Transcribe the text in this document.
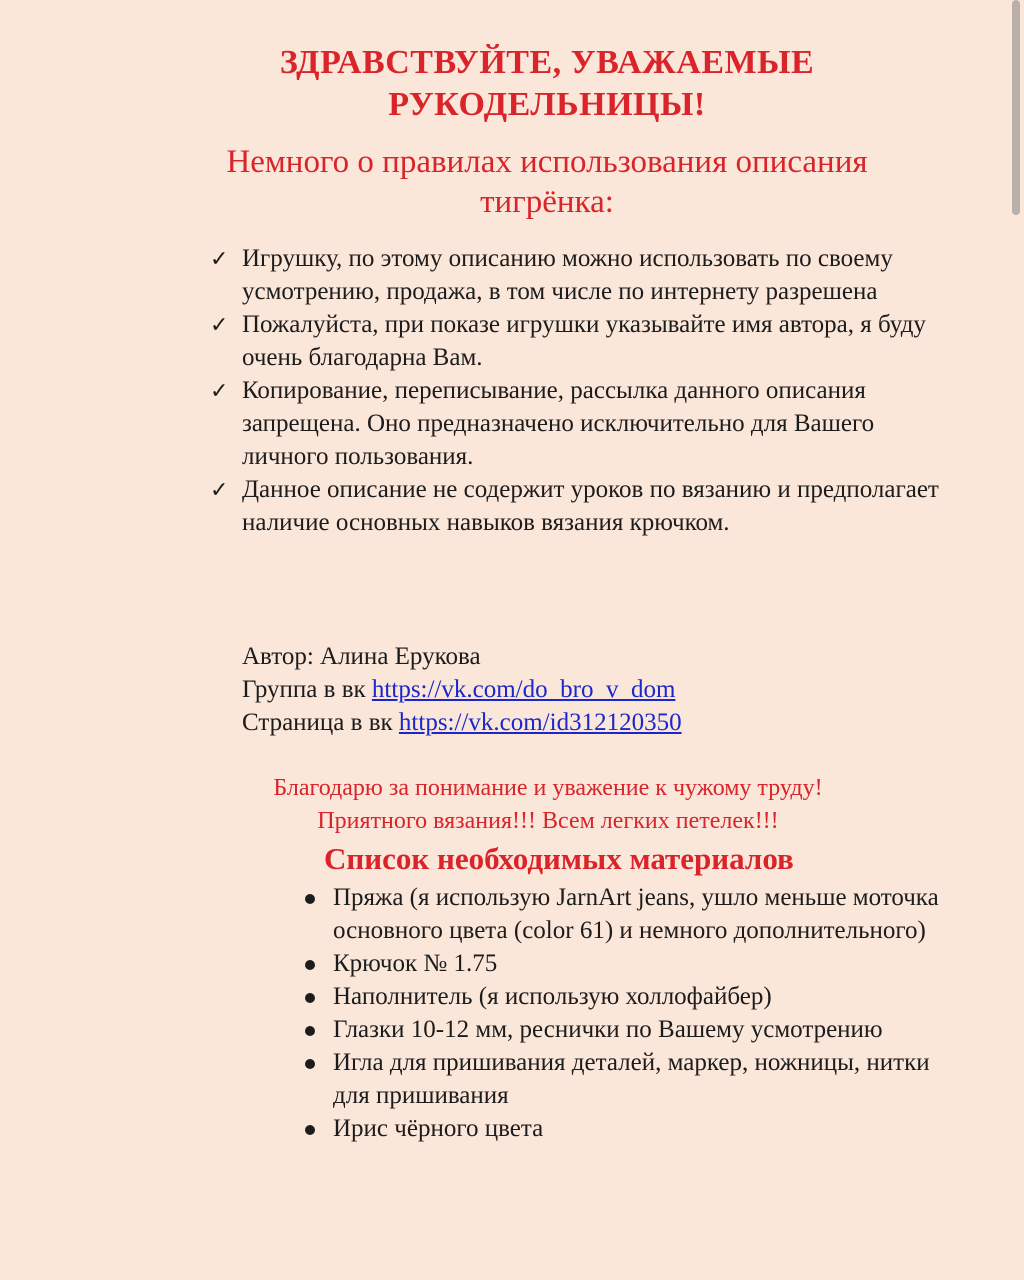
ЗДРАВСТВУЙТЕ, УВАЖАЕМЫЕ
РУКОДЕЛЬНИЦЫ!
Немного о правилах использования описания
тигрёнка:
✓ Игрушку, по этому описанию можно использовать по своему усмотрению, продажа, в том числе по интернету разрешена
✓ Пожалуйста, при показе игрушки указывайте имя автора, я буду очень благодарна Вам.
✓ Копирование, переписывание, рассылка данного описания запрещена. Оно предназначено исключительно для Вашего личного пользования.
✓ Данное описание не содержит уроков по вязанию и предполагает наличие основных навыков вязания крючком.
Автор: Алина Ерукова
Группа в вк https://vk.com/do_bro_v_dom
Страница в вк https://vk.com/id312120350
Благодарю за понимание и уважение к чужому труду!
Приятного вязания!!! Всем легких петелек!!!
Список необходимых материалов
Пряжа (я использую JarnArt jeans, ушло меньше моточка основного цвета (color 61) и немного дополнительного)
Крючок № 1.75
Наполнитель (я использую холлофайбер)
Глазки 10-12 мм, реснички по Вашему усмотрению
Игла для пришивания деталей, маркер, ножницы, нитки для пришивания
Ирис чёрного цвета
